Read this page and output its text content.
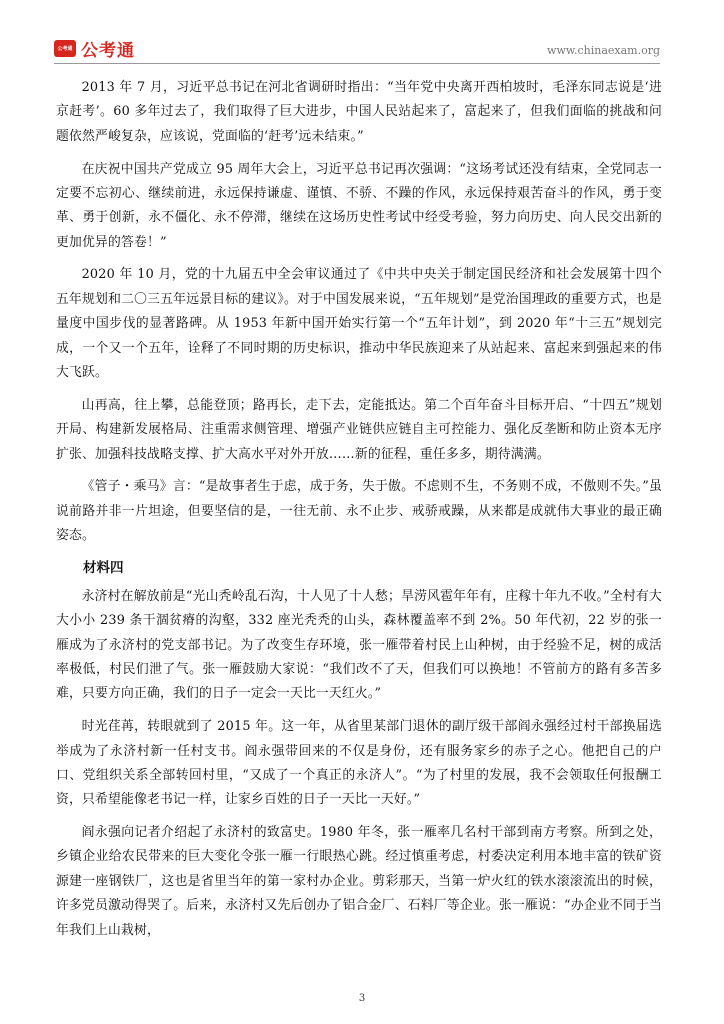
公考通 公考通	www.chinaexam.org

2013 年 7 月，习近平总书记在河北省调研时指出：“当年党中央离开西柏坡时，毛泽东同志说是‘进京赶考’。60 多年过去了，我们取得了巨大进步，中国人民站起来了，富起来了，但我们面临的挑战和问题依然严峻复杂，应该说，党面临的‘赶考’远未结束。”

在庆祝中国共产党成立 95 周年大会上，习近平总书记再次强调：“这场考试还没有结束，全党同志一定要不忘初心、继续前进，永远保持谦虚、谨慎、不骄、不躁的作风，永远保持艰苦奋斗的作风，勇于变革、勇于创新，永不僵化、永不停滞，继续在这场历史性考试中经受考验，努力向历史、向人民交出新的更加优异的答卷！”

2020 年 10 月，党的十九届五中全会审议通过了《中共中央关于制定国民经济和社会发展第十四个五年规划和二〇三五年远景目标的建议》。对于中国发展来说，“五年规划”是党治国理政的重要方式，也是量度中国步伐的显著路碑。从 1953 年新中国开始实行第一个“五年计划”，到 2020 年“十三五”规划完成，一个又一个五年，诠释了不同时期的历史标识，推动中华民族迎来了从站起来、富起来到强起来的伟大飞跃。

山再高，往上攀，总能登顶；路再长，走下去，定能抵达。第二个百年奋斗目标开启、“十四五”规划开局、构建新发展格局、注重需求侧管理、增强产业链供应链自主可控能力、强化反垄断和防止资本无序扩张、加强科技战略支撑、扩大高水平对外开放……新的征程，重任多多，期待满满。

《管子・乘马》言：“是故事者生于虑，成于务，失于傲。不虑则不生，不务则不成，不傲则不失。”虽说前路并非一片坦途，但要坚信的是，一往无前、永不止步、戒骄戒躁，从来都是成就伟大事业的最正确姿态。

材料四

永济村在解放前是“光山秃岭乱石沟，十人见了十人愁；旱涝风雹年年有，庄稼十年九不收。”全村有大大小小 239 条干涸贫瘠的沟壑，332 座光秃秃的山头，森林覆盖率不到 2%。50 年代初，22 岁的张一雁成为了永济村的党支部书记。为了改变生存环境，张一雁带着村民上山种树，由于经验不足，树的成活率极低，村民们泄了气。张一雁鼓励大家说：“我们改不了天，但我们可以换地！不管前方的路有多苦多难，只要方向正确，我们的日子一定会一天比一天红火。”

时光荏苒，转眼就到了 2015 年。这一年，从省里某部门退休的副厅级干部阎永强经过村干部换届选举成为了永济村新一任村支书。阎永强带回来的不仅是身份，还有服务家乡的赤子之心。他把自己的户口、党组织关系全部转回村里，“又成了一个真正的永济人”。“为了村里的发展，我不会领取任何报酬工资，只希望能像老书记一样，让家乡百姓的日子一天比一天好。”

阎永强向记者介绍起了永济村的致富史。1980 年冬，张一雁率几名村干部到南方考察。所到之处，乡镇企业给农民带来的巨大变化令张一雁一行眼热心跳。经过慎重考虑，村委决定利用本地丰富的铁矿资源建一座钢铁厂，这也是省里当年的第一家村办企业。剪彩那天，当第一炉火红的铁水滚滚流出的时候，许多党员激动得哭了。后来，永济村又先后创办了铝合金厂、石料厂等企业。张一雁说：“办企业不同于当年我们上山栽树，

3
